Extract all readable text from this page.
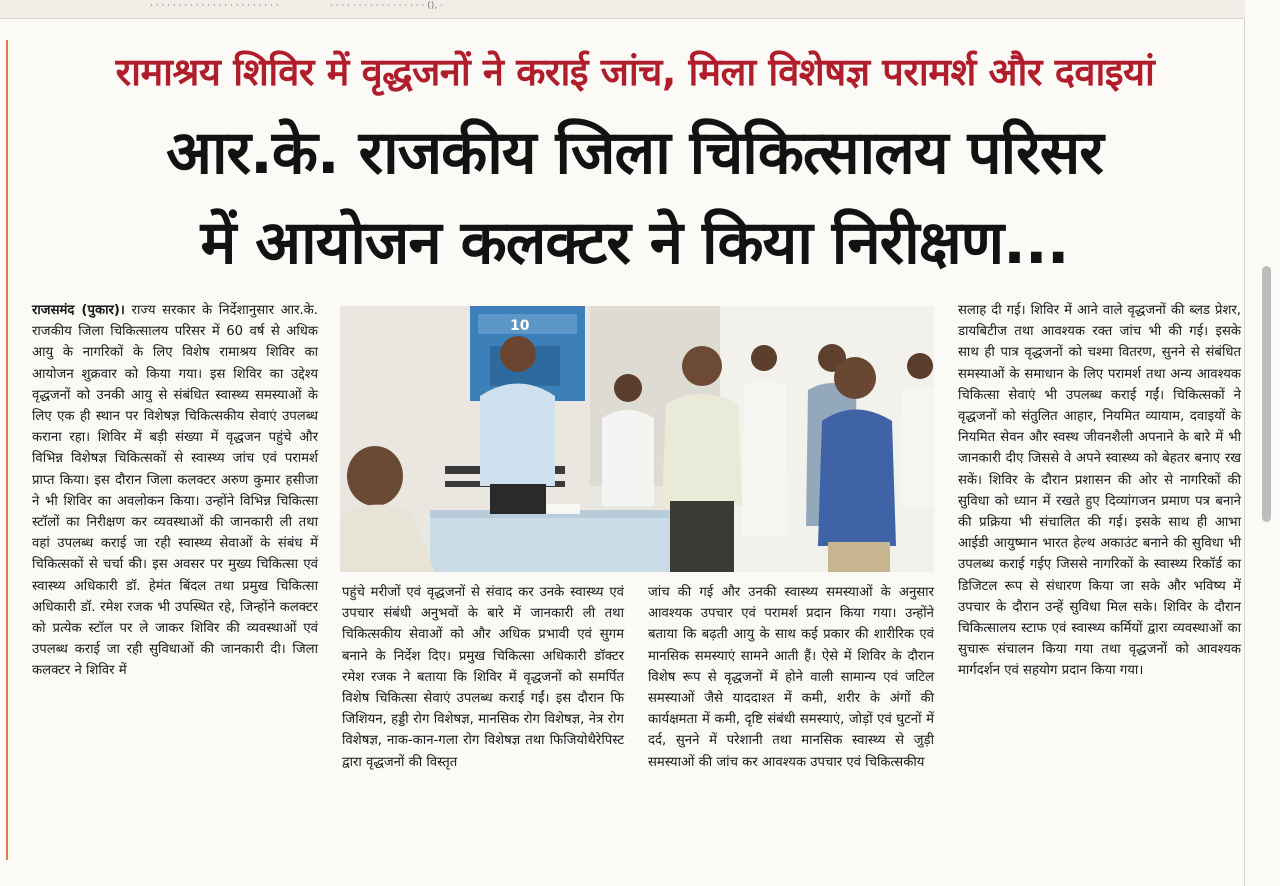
· · · · · · · · · · · · · · · · · · · · · · ·	· · · · · · · · · · · · · · · · · (), ·
रामाश्रय शिविर में वृद्धजनों ने कराई जांच, मिला विशेषज्ञ परामर्श और दवाइयां
आर.के. राजकीय जिला चिकित्सालय परिसर
में आयोजन कलक्टर ने किया निरीक्षण...

राजसमंद (पुकार)। राज्य सरकार के निर्देशानुसार आर.के. राजकीय जिला चिकित्सालय परिसर में 60 वर्ष से अधिक आयु के नागरिकों के लिए विशेष रामाश्रय शिविर का आयोजन शुक्रवार को किया गया। इस शिविर का उद्देश्य वृद्धजनों को उनकी आयु से संबंधित स्वास्थ्य समस्याओं के लिए एक ही स्थान पर विशेषज्ञ चिकित्सकीय सेवाएं उपलब्ध कराना रहा। शिविर में बड़ी संख्या में वृद्धजन पहुंचे और विभिन्न विशेषज्ञ चिकित्सकों से स्वास्थ्य जांच एवं परामर्श प्राप्त किया। इस दौरान जिला कलक्टर अरुण कुमार हसीजा ने भी शिविर का अवलोकन किया। उन्होंने विभिन्न चिकित्सा स्टॉलों का निरीक्षण कर व्यवस्थाओं की जानकारी ली तथा वहां उपलब्ध कराई जा रही स्वास्थ्य सेवाओं के संबंध में चिकित्सकों से चर्चा की। इस अवसर पर मुख्य चिकित्सा एवं स्वास्थ्य अधिकारी डॉ. हेमंत बिंदल तथा प्रमुख चिकित्सा अधिकारी डॉ. रमेश रजक भी उपस्थित रहे, जिन्होंने कलक्टर को प्रत्येक स्टॉल पर ले जाकर शिविर की व्यवस्थाओं एवं उपलब्ध कराई जा रही सुविधाओं की जानकारी दी। जिला कलक्टर ने शिविर में

10

पहुंचे मरीजों एवं वृद्धजनों से संवाद कर उनके स्वास्थ्य एवं उपचार संबंधी अनुभवों के बारे में जानकारी ली तथा चिकित्सकीय सेवाओं को और अधिक प्रभावी एवं सुगम बनाने के निर्देश दिए। प्रमुख चिकित्सा अधिकारी डॉक्टर रमेश रजक ने बताया कि शिविर में वृद्धजनों को समर्पित विशेष चिकित्सा सेवाएं उपलब्ध कराई गईं। इस दौरान फि जिशियन, हड्डी रोग विशेषज्ञ, मानसिक रोग विशेषज्ञ, नेत्र रोग विशेषज्ञ, नाक-कान-गला रोग विशेषज्ञ तथा फिजियोथैरेपिस्ट द्वारा वृद्धजनों की विस्तृत

जांच की गई और उनकी स्वास्थ्य समस्याओं के अनुसार आवश्यक उपचार एवं परामर्श प्रदान किया गया। उन्होंने बताया कि बढ़ती आयु के साथ कई प्रकार की शारीरिक एवं मानसिक समस्याएं सामने आती हैं। ऐसे में शिविर के दौरान विशेष रूप से वृद्धजनों में होने वाली सामान्य एवं जटिल समस्याओं जैसे याददाश्त में कमी, शरीर के अंगों की कार्यक्षमता में कमी, दृष्टि संबंधी समस्याएं, जोड़ों एवं घुटनों में दर्द, सुनने में परेशानी तथा मानसिक स्वास्थ्य से जुड़ी समस्याओं की जांच कर आवश्यक उपचार एवं चिकित्सकीय

सलाह दी गई। शिविर में आने वाले वृद्धजनों की ब्लड प्रेशर, डायबिटीज तथा आवश्यक रक्त जांच भी की गई। इसके साथ ही पात्र वृद्धजनों को चश्मा वितरण, सुनने से संबंधित समस्याओं के समाधान के लिए परामर्श तथा अन्य आवश्यक चिकित्सा सेवाएं भी उपलब्ध कराई गईं। चिकित्सकों ने वृद्धजनों को संतुलित आहार, नियमित व्यायाम, दवाइयों के नियमित सेवन और स्वस्थ जीवनशैली अपनाने के बारे में भी जानकारी दीए जिससे वे अपने स्वास्थ्य को बेहतर बनाए रख सकें। शिविर के दौरान प्रशासन की ओर से नागरिकों की सुविधा को ध्यान में रखते हुए दिव्यांगजन प्रमाण पत्र बनाने की प्रक्रिया भी संचालित की गई। इसके साथ ही आभा आईडी आयुष्मान भारत हेल्थ अकाउंट बनाने की सुविधा भी उपलब्ध कराई गईए जिससे नागरिकों के स्वास्थ्य रिकॉर्ड का डिजिटल रूप से संधारण किया जा सके और भविष्य में उपचार के दौरान उन्हें सुविधा मिल सके। शिविर के दौरान चिकित्सालय स्टाफ एवं स्वास्थ्य कर्मियों द्वारा व्यवस्थाओं का सुचारू संचालन किया गया तथा वृद्धजनों को आवश्यक मार्गदर्शन एवं सहयोग प्रदान किया गया।
